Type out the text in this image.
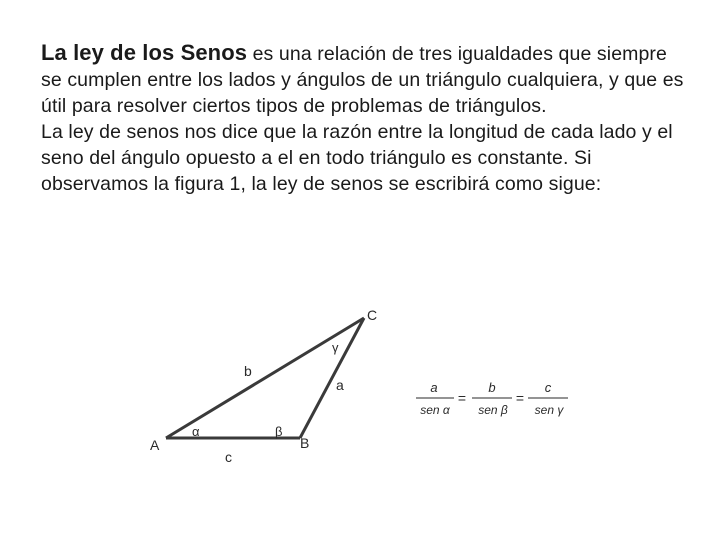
La ley de los Senos es una relación de tres igualdades que siempre se cumplen entre los lados y ángulos de un triángulo cualquiera, y que es útil para resolver ciertos tipos de problemas de triángulos.
La ley de senos nos dice que la razón entre la longitud de cada lado y el seno del ángulo opuesto a el en todo triángulo es constante. Si observamos la figura 1, la ley de senos se escribirá como sigue:
A	B
C
a
b
c
α	β
γ
a
sen α
=
b
sen β
=
c
sen γ
